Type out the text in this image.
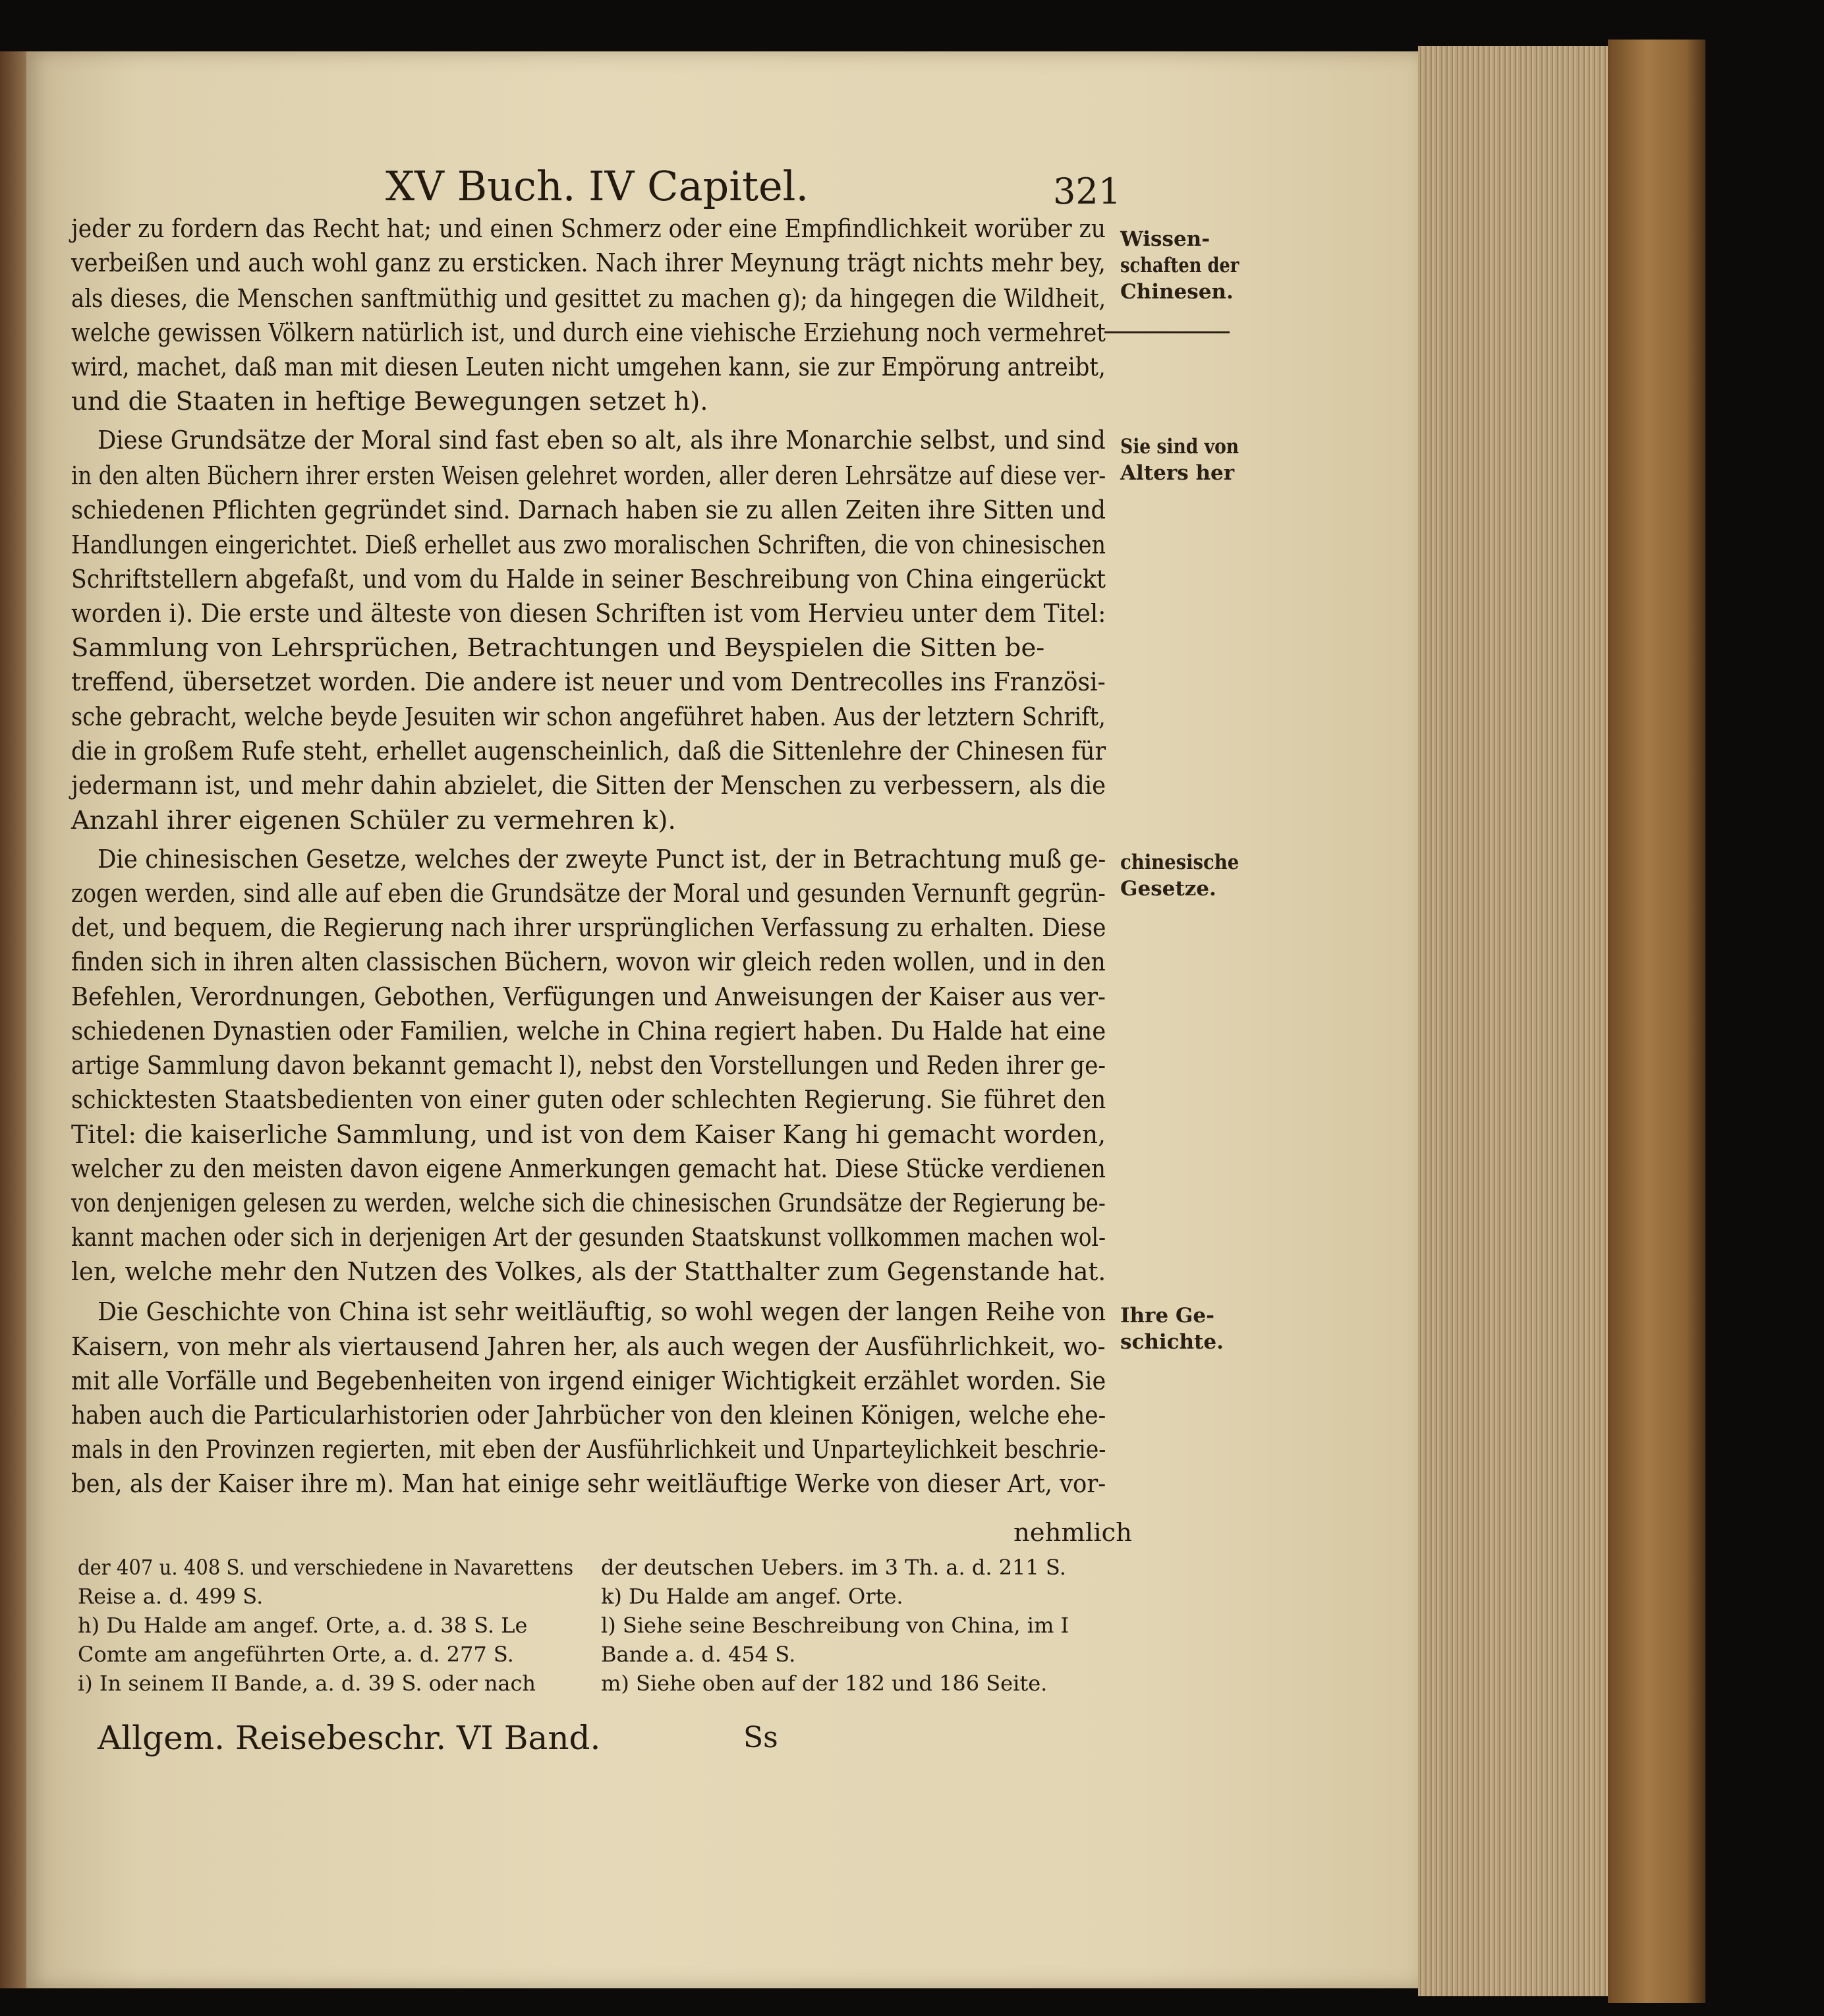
XV Buch. IV Capitel.	321
jeder zu fordern das Recht hat; und einen Schmerz oder eine Empfindlichkeit worüber zu
verbeißen und auch wohl ganz zu ersticken. Nach ihrer Meynung trägt nichts mehr bey,
als dieses, die Menschen sanftmüthig und gesittet zu machen g); da hingegen die Wildheit,
welche gewissen Völkern natürlich ist, und durch eine viehische Erziehung noch vermehret
wird, machet, daß man mit diesen Leuten nicht umgehen kann, sie zur Empörung antreibt,
und die Staaten in heftige Bewegungen setzet h).
Diese Grundsätze der Moral sind fast eben so alt, als ihre Monarchie selbst, und sind
in den alten Büchern ihrer ersten Weisen gelehret worden, aller deren Lehrsätze auf diese ver-
schiedenen Pflichten gegründet sind. Darnach haben sie zu allen Zeiten ihre Sitten und
Handlungen eingerichtet. Dieß erhellet aus zwo moralischen Schriften, die von chinesischen
Schriftstellern abgefaßt, und vom du Halde in seiner Beschreibung von China eingerückt
worden i). Die erste und älteste von diesen Schriften ist vom Hervieu unter dem Titel:
Sammlung von Lehrsprüchen, Betrachtungen und Beyspielen die Sitten be-
treffend, übersetzet worden. Die andere ist neuer und vom Dentrecolles ins Französi-
sche gebracht, welche beyde Jesuiten wir schon angeführet haben. Aus der letztern Schrift,
die in großem Rufe steht, erhellet augenscheinlich, daß die Sittenlehre der Chinesen für
jedermann ist, und mehr dahin abzielet, die Sitten der Menschen zu verbessern, als die
Anzahl ihrer eigenen Schüler zu vermehren k).
Die chinesischen Gesetze, welches der zweyte Punct ist, der in Betrachtung muß ge-
zogen werden, sind alle auf eben die Grundsätze der Moral und gesunden Vernunft gegrün-
det, und bequem, die Regierung nach ihrer ursprünglichen Verfassung zu erhalten. Diese
finden sich in ihren alten classischen Büchern, wovon wir gleich reden wollen, und in den
Befehlen, Verordnungen, Gebothen, Verfügungen und Anweisungen der Kaiser aus ver-
schiedenen Dynastien oder Familien, welche in China regiert haben. Du Halde hat eine
artige Sammlung davon bekannt gemacht l), nebst den Vorstellungen und Reden ihrer ge-
schicktesten Staatsbedienten von einer guten oder schlechten Regierung. Sie führet den
Titel: die kaiserliche Sammlung, und ist von dem Kaiser Kang hi gemacht worden,
welcher zu den meisten davon eigene Anmerkungen gemacht hat. Diese Stücke verdienen
von denjenigen gelesen zu werden, welche sich die chinesischen Grundsätze der Regierung be-
kannt machen oder sich in derjenigen Art der gesunden Staatskunst vollkommen machen wol-
len, welche mehr den Nutzen des Volkes, als der Statthalter zum Gegenstande hat.
Die Geschichte von China ist sehr weitläuftig, so wohl wegen der langen Reihe von
Kaisern, von mehr als viertausend Jahren her, als auch wegen der Ausführlichkeit, wo-
mit alle Vorfälle und Begebenheiten von irgend einiger Wichtigkeit erzählet worden. Sie
haben auch die Particularhistorien oder Jahrbücher von den kleinen Königen, welche ehe-
mals in den Provinzen regierten, mit eben der Ausführlichkeit und Unparteylichkeit beschrie-
ben, als der Kaiser ihre m). Man hat einige sehr weitläuftige Werke von dieser Art, vor-
nehmlich
Wissen-
schaften der
Chinesen.
Sie sind von
Alters her
chinesische
Gesetze.
Ihre Ge-
schichte.
der 407 u. 408 S. und verschiedene in Navarettens
Reise a. d. 499 S.
h) Du Halde am angef. Orte, a. d. 38 S. Le
Comte am angeführten Orte, a. d. 277 S.
i) In seinem II Bande, a. d. 39 S. oder nach
der deutschen Uebers. im 3 Th. a. d. 211 S.
k) Du Halde am angef. Orte.
l) Siehe seine Beschreibung von China, im I
Bande a. d. 454 S.
m) Siehe oben auf der 182 und 186 Seite.
Allgem. Reisebeschr. VI Band.	Ss
